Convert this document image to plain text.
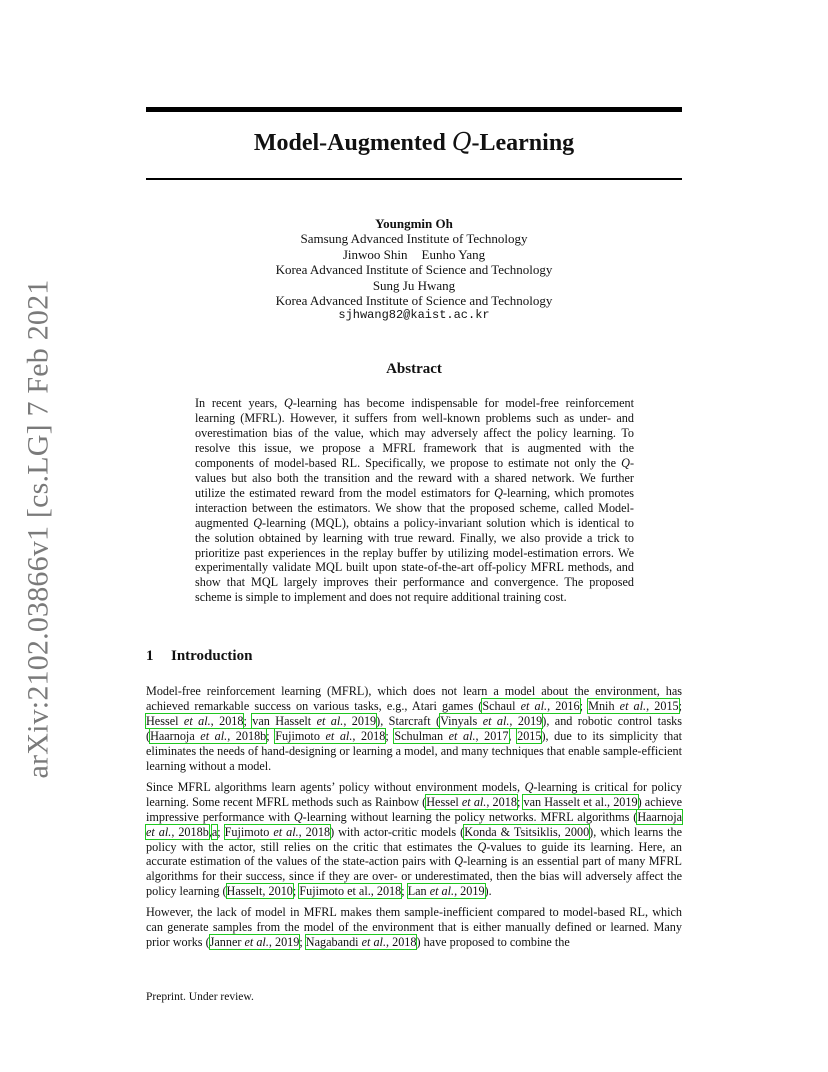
arXiv:2102.03866v1 [cs.LG] 7 Feb 2021
Model-Augmented Q-Learning
Youngmin Oh
Samsung Advanced Institute of Technology
Jinwoo Shin Eunho Yang
Korea Advanced Institute of Science and Technology
Sung Ju Hwang
Korea Advanced Institute of Science and Technology
sjhwang82@kaist.ac.kr
Abstract
In recent years, Q-learning has become indispensable for model-free reinforcement learning (MFRL). However, it suffers from well-known problems such as under- and overestimation bias of the value, which may adversely affect the policy learning. To resolve this issue, we propose a MFRL framework that is augmented with the components of model-based RL. Specifically, we propose to estimate not only the Q-values but also both the transition and the reward with a shared network. We further utilize the estimated reward from the model estimators for Q-learning, which promotes interaction between the estimators. We show that the proposed scheme, called Model-augmented Q-learning (MQL), obtains a policy-invariant solution which is identical to the solution obtained by learning with true reward. Finally, we also provide a trick to prioritize past experiences in the replay buffer by utilizing model-estimation errors. We experimentally validate MQL built upon state-of-the-art off-policy MFRL methods, and show that MQL largely improves their performance and convergence. The proposed scheme is simple to implement and does not require additional training cost.
1 Introduction

Model-free reinforcement learning (MFRL), which does not learn a model about the environment, has achieved remarkable success on various tasks, e.g., Atari games (Schaul et al., 2016; Mnih et al., 2015; Hessel et al., 2018; van Hasselt et al., 2019), Starcraft (Vinyals et al., 2019), and robotic control tasks (Haarnoja et al., 2018b; Fujimoto et al., 2018; Schulman et al., 2017, 2015), due to its simplicity that eliminates the needs of hand-designing or learning a model, and many techniques that enable sample-efficient learning without a model.

Since MFRL algorithms learn agents’ policy without environment models, Q-learning is critical for policy learning. Some recent MFRL methods such as Rainbow (Hessel et al., 2018; van Hasselt et al., 2019) achieve impressive performance with Q-learning without learning the policy networks. MFRL algorithms (Haarnoja et al., 2018b,a; Fujimoto et al., 2018) with actor-critic models (Konda & Tsitsiklis, 2000), which learns the policy with the actor, still relies on the critic that estimates the Q-values to guide its learning. Here, an accurate estimation of the values of the state-action pairs with Q-learning is an essential part of many MFRL algorithms for their success, since if they are over- or underestimated, then the bias will adversely affect the policy learning (Hasselt, 2010; Fujimoto et al., 2018; Lan et al., 2019).

However, the lack of model in MFRL makes them sample-inefficient compared to model-based RL, which can generate samples from the model of the environment that is either manually defined or learned. Many prior works (Janner et al., 2019; Nagabandi et al., 2018) have proposed to combine the

Preprint. Under review.
